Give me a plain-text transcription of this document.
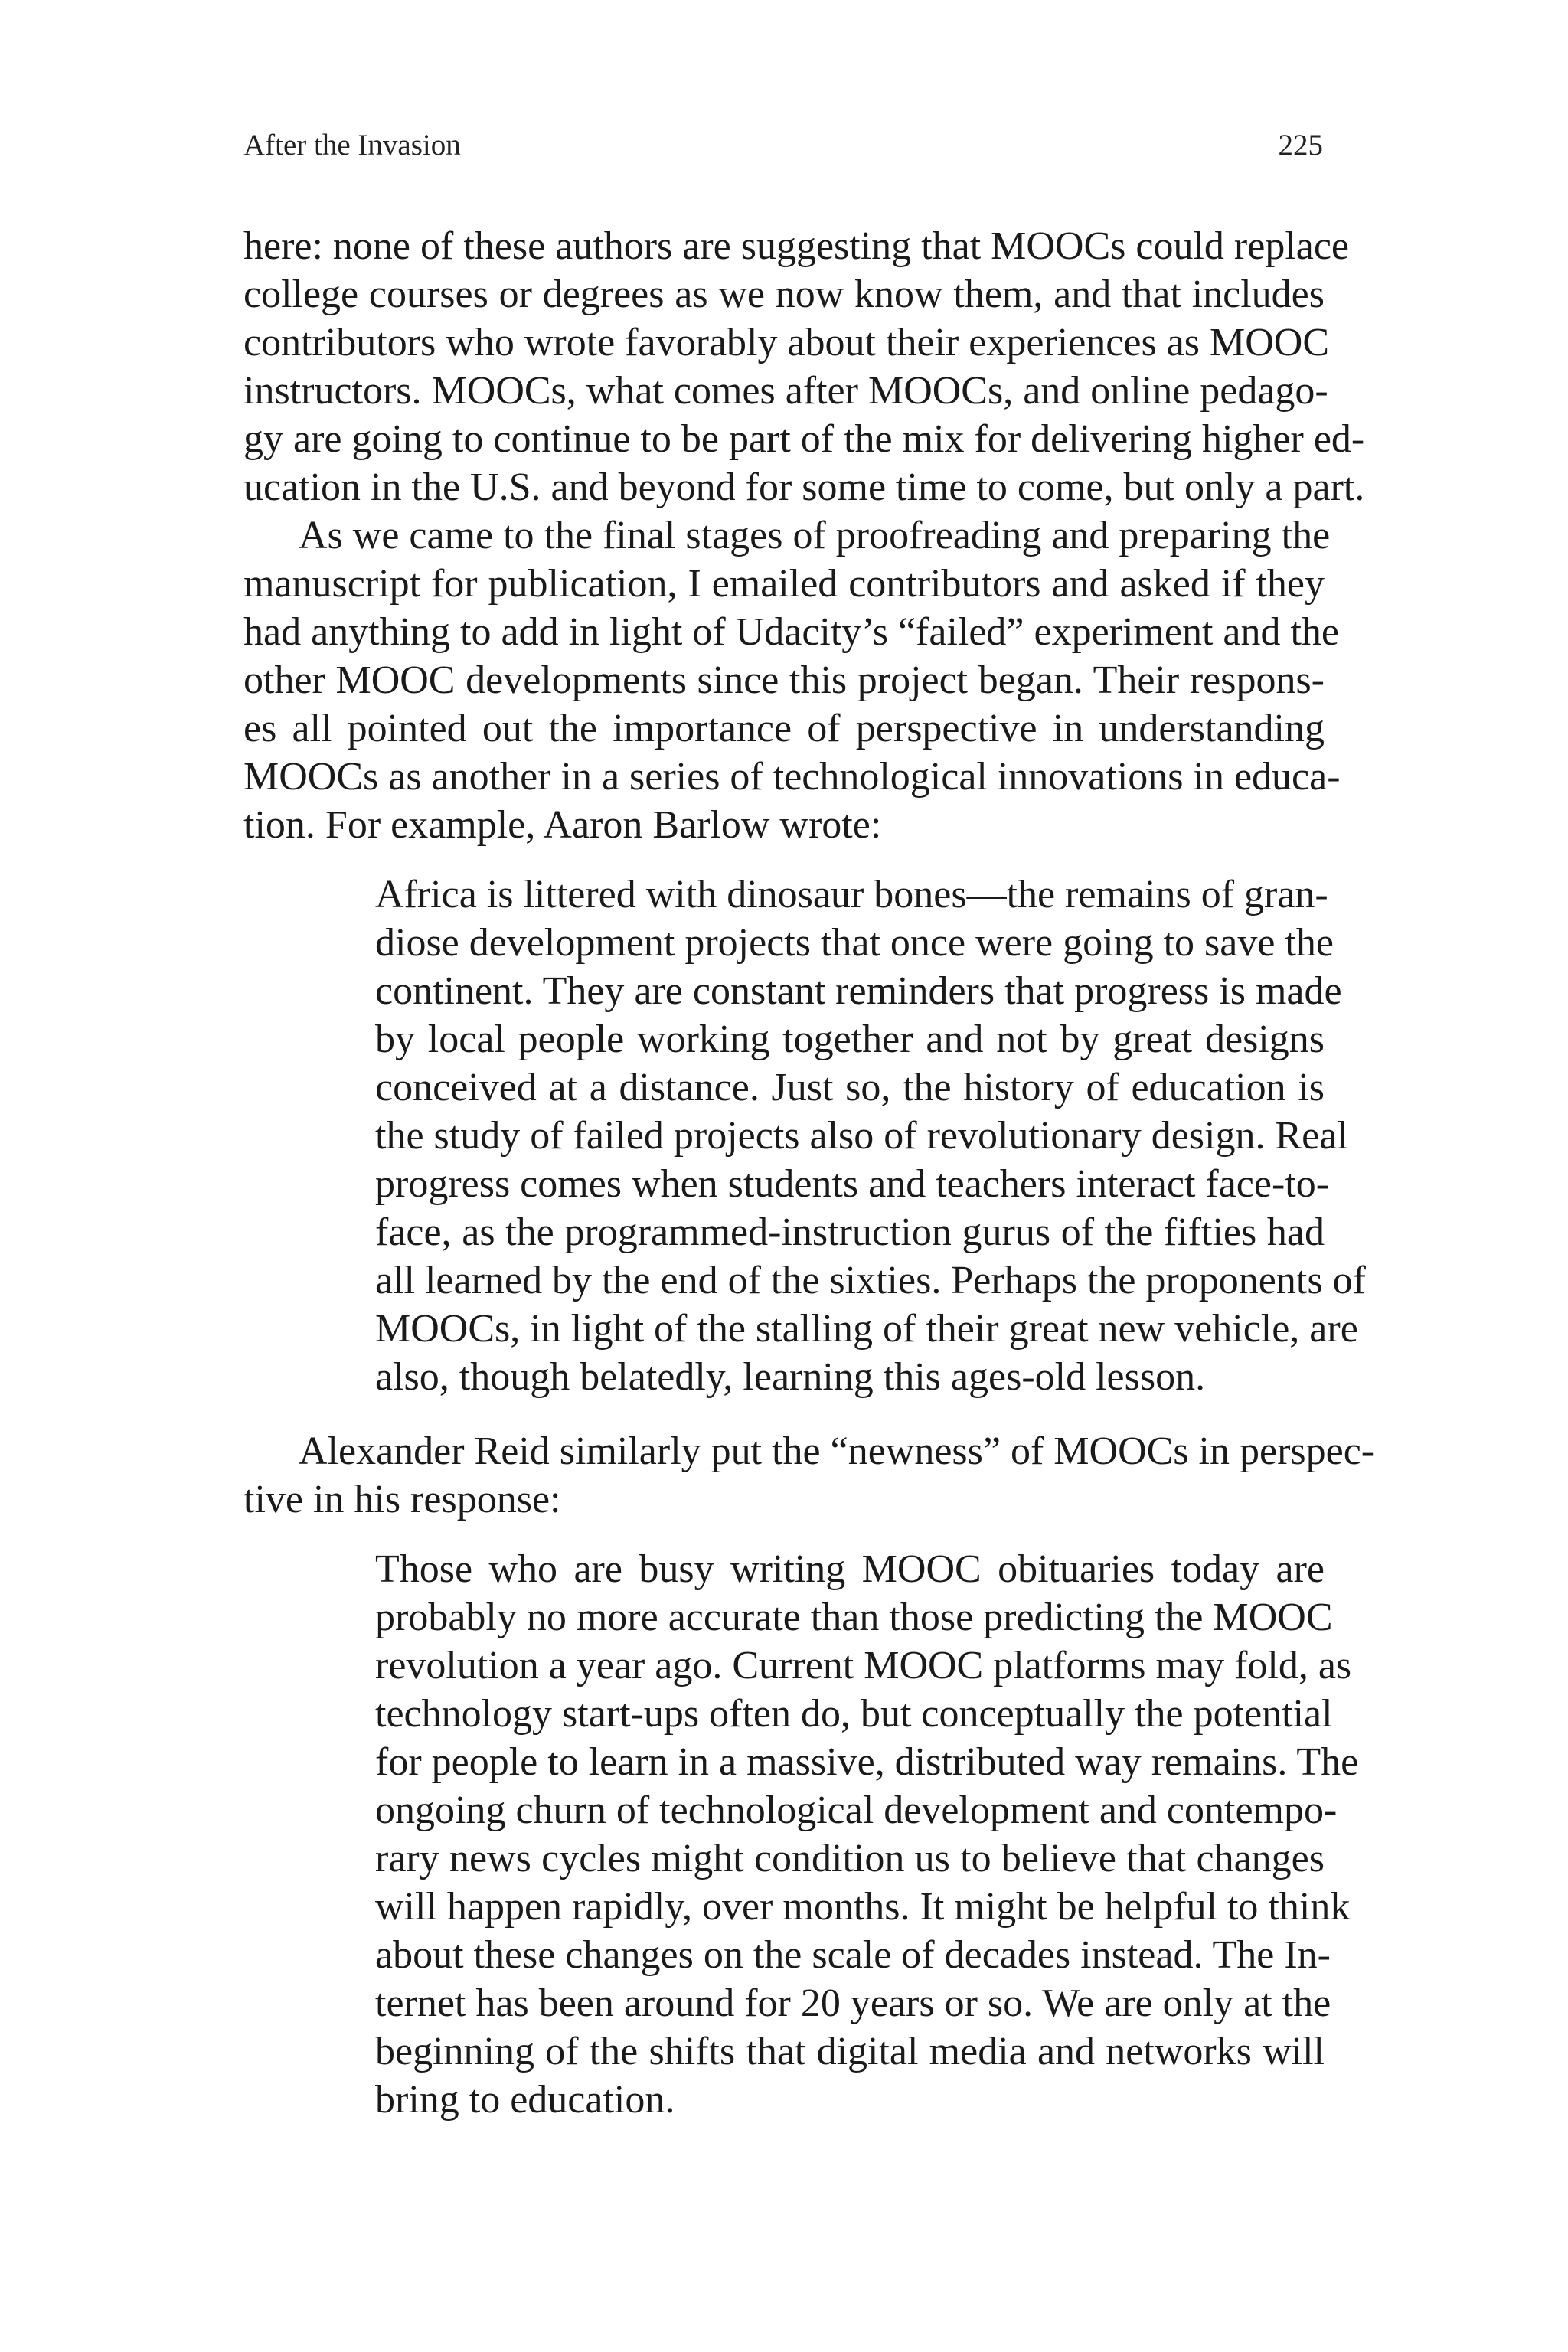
After the Invasion	225
here: none of these authors are suggesting that MOOCs could replace
college courses or degrees as we now know them, and that includes
contributors who wrote favorably about their experiences as MOOC
instructors. MOOCs, what comes after MOOCs, and online pedago-
gy are going to continue to be part of the mix for delivering higher ed-
ucation in the U.S. and beyond for some time to come, but only a part.
As we came to the final stages of proofreading and preparing the
manuscript for publication, I emailed contributors and asked if they
had anything to add in light of Udacity’s “failed” experiment and the
other MOOC developments since this project began. Their respons-
es all pointed out the importance of perspective in understanding
MOOCs as another in a series of technological innovations in educa-
tion. For example, Aaron Barlow wrote:
Africa is littered with dinosaur bones—the remains of gran-
diose development projects that once were going to save the
continent. They are constant reminders that progress is made
by local people working together and not by great designs
conceived at a distance. Just so, the history of education is
the study of failed projects also of revolutionary design. Real
progress comes when students and teachers interact face-to-
face, as the programmed-instruction gurus of the fifties had
all learned by the end of the sixties. Perhaps the proponents of
MOOCs, in light of the stalling of their great new vehicle, are
also, though belatedly, learning this ages-old lesson.
Alexander Reid similarly put the “newness” of MOOCs in perspec-
tive in his response:
Those who are busy writing MOOC obituaries today are
probably no more accurate than those predicting the MOOC
revolution a year ago. Current MOOC platforms may fold, as
technology start-ups often do, but conceptually the potential
for people to learn in a massive, distributed way remains. The
ongoing churn of technological development and contempo-
rary news cycles might condition us to believe that changes
will happen rapidly, over months. It might be helpful to think
about these changes on the scale of decades instead. The In-
ternet has been around for 20 years or so. We are only at the
beginning of the shifts that digital media and networks will
bring to education.
